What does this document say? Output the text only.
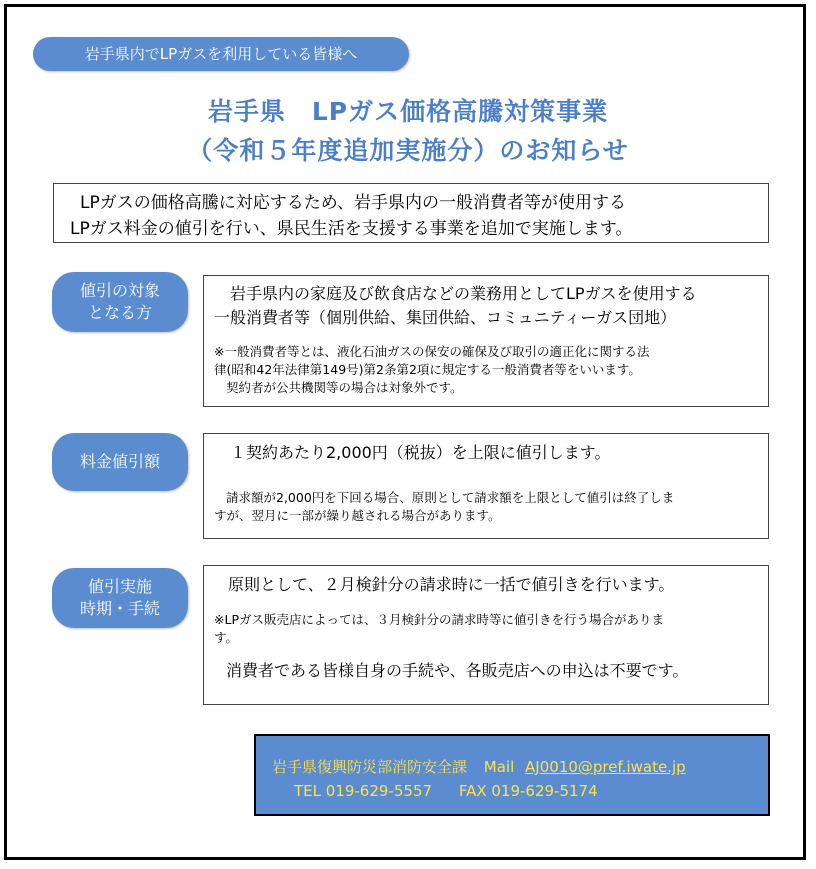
岩手県内でLPガスを利用している皆様へ
岩手県　LPガス価格高騰対策事業
（令和５年度追加実施分）のお知らせ

LPガスの価格高騰に対応するため、岩手県内の一般消費者等が使用する

LPガス料金の値引を行い、県民生活を支援する事業を追加で実施します。

値引の対象
となる方

岩手県内の家庭及び飲食店などの業務用としてLPガスを使用する

一般消費者等（個別供給、集団供給、コミュニティーガス団地）

※一般消費者等とは、液化石油ガスの保安の確保及び取引の適正化に関する法

律(昭和42年法律第149号)第2条第2項に規定する一般消費者等をいいます。

契約者が公共機関等の場合は対象外です。

料金値引額	１契約あたり2,000円（税抜）を上限に値引します。

請求額が2,000円を下回る場合、原則として請求額を上限として値引は終了しま

すが、翌月に一部が繰り越される場合があります。

値引実施
時期・手続

原則として、２月検針分の請求時に一括で値引きを行います。

※LPガス販売店によっては、３月検針分の請求時等に値引きを行う場合がありま

す。

消費者である皆様自身の手続や、各販売店への申込は不要です。

岩手県復興防災部消防安全課 Mail AJ0010@pref.iwate.jp
TEL 019-629-5557 FAX 019-629-5174
